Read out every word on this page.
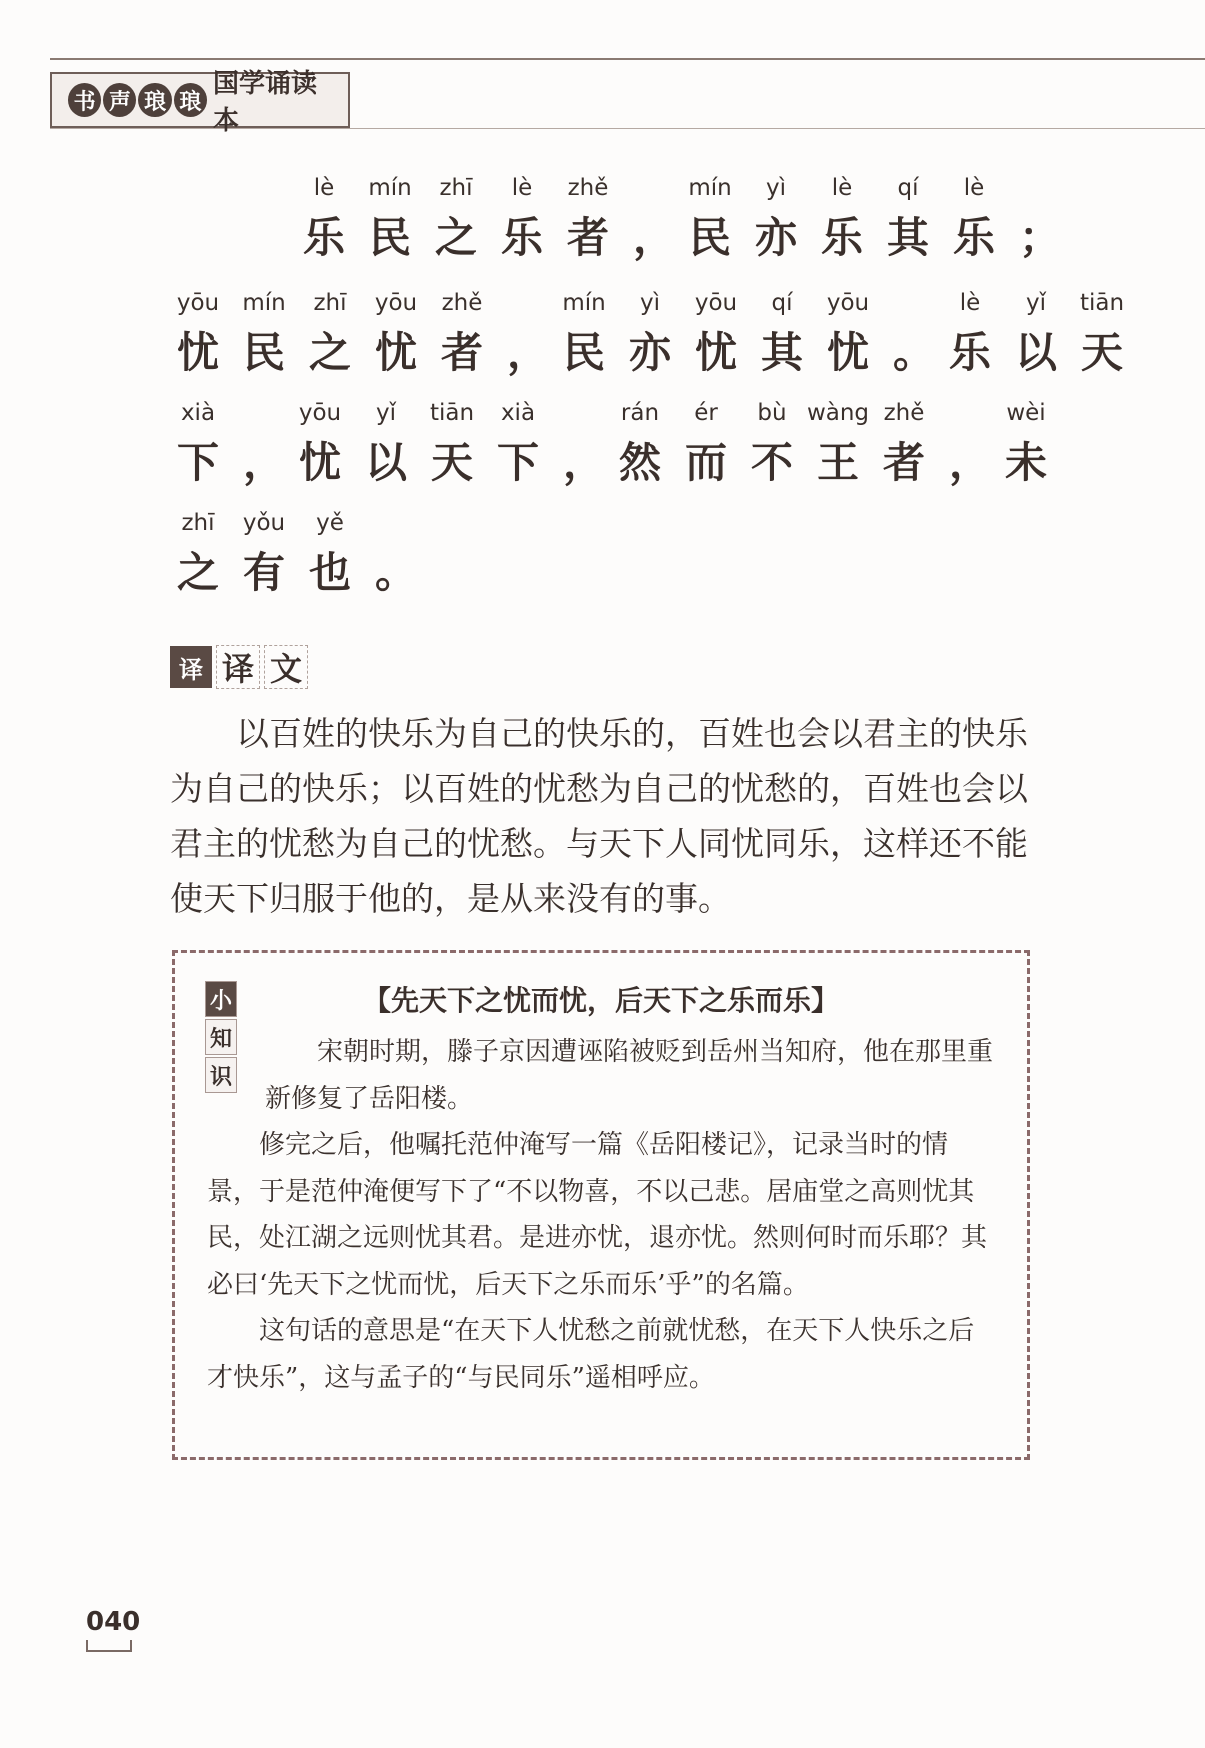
书 声 琅 琅
国学诵读本
lè
乐
mín
民
zhī
之
lè
乐
zhě
者 ，
mín
民
yì
亦
lè
乐
qí
其
lè
乐 ；
yōu
忧
mín
民
zhī
之
yōu
忧
zhě
者 ，
mín
民
yì
亦
yōu
忧
qí
其
yōu
忧 。
lè
乐
yǐ
以
tiān
天
xià
下 ，
yōu
忧
yǐ
以
tiān
天
xià
下 ，
rán
然
ér
而
bù
不
wàng
王
zhě
者 ，
wèi
未
zhī
之
yǒu
有
yě
也 。
译 译 文

以百姓的快乐为自己的快乐的，百姓也会以君主的快乐为自己的快乐；以百姓的忧愁为自己的忧愁的，百姓也会以君主的忧愁为自己的忧愁。与天下人同忧同乐，这样还不能使天下归服于他的，是从来没有的事。

小
知
识
【先天下之忧而忧，后天下之乐而乐】

宋朝时期，滕子京因遭诬陷被贬到岳州当知府，他在那里重新修复了岳阳楼。

修完之后，他嘱托范仲淹写一篇《岳阳楼记》，记录当时的情景，于是范仲淹便写下了“不以物喜，不以己悲。居庙堂之高则忧其民，处江湖之远则忧其君。是进亦忧，退亦忧。然则何时而乐耶？其必曰‘先天下之忧而忧，后天下之乐而乐’乎”的名篇。

这句话的意思是“在天下人忧愁之前就忧愁，在天下人快乐之后才快乐”，这与孟子的“与民同乐”遥相呼应。

040
